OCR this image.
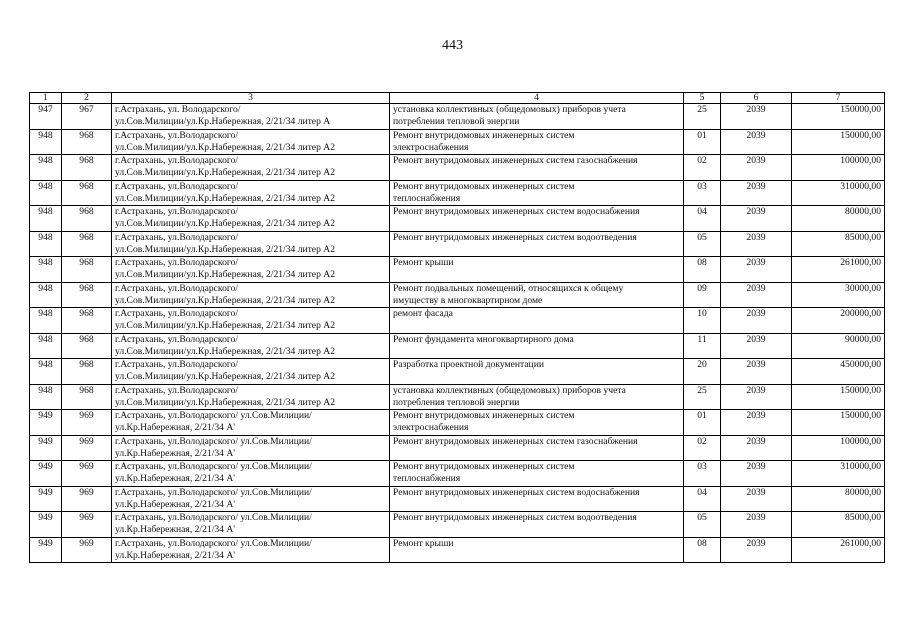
443
1	2	3	4	5	6	7
947	967	г.Астрахань, ул. Володарского/
ул.Сов.Милиции/ул.Кр.Набережная, 2/21/34 литер А	установка коллективных (общедомовых) приборов учета
потребления тепловой энергии	25	2039	150000,00
948	968	г.Астрахань, ул.Володарского/
ул.Сов.Милиции/ул.Кр.Набережная, 2/21/34 литер А2	Ремонт внутридомовых инженерных систем
электроснабжения	01	2039	150000,00
948	968	г.Астрахань, ул.Володарского/
ул.Сов.Милиции/ул.Кр.Набережная, 2/21/34 литер А2	Ремонт внутридомовых инженерных систем газоснабжения	02	2039	100000,00
948	968	г.Астрахань, ул.Володарского/
ул.Сов.Милиции/ул.Кр.Набережная, 2/21/34 литер А2	Ремонт внутридомовых инженерных систем
теплоснабжения	03	2039	310000,00
948	968	г.Астрахань, ул.Володарского/
ул.Сов.Милиции/ул.Кр.Набережная, 2/21/34 литер А2	Ремонт внутридомовых инженерных систем водоснабжения	04	2039	80000,00
948	968	г.Астрахань, ул.Володарского/
ул.Сов.Милиции/ул.Кр.Набережная, 2/21/34 литер А2	Ремонт внутридомовых инженерных систем водоотведения	05	2039	85000,00
948	968	г.Астрахань, ул.Володарского/
ул.Сов.Милиции/ул.Кр.Набережная, 2/21/34 литер А2	Ремонт крыши	08	2039	261000,00
948	968	г.Астрахань, ул.Володарского/
ул.Сов.Милиции/ул.Кр.Набережная, 2/21/34 литер А2	Ремонт подвальных помещений, относящихся к общему
имуществу в многоквартирном доме	09	2039	30000,00
948	968	г.Астрахань, ул.Володарского/
ул.Сов.Милиции/ул.Кр.Набережная, 2/21/34 литер А2	ремонт фасада	10	2039	200000,00
948	968	г.Астрахань, ул.Володарского/
ул.Сов.Милиции/ул.Кр.Набережная, 2/21/34 литер А2	Ремонт фундамента многоквартирного дома	11	2039	90000,00
948	968	г.Астрахань, ул.Володарского/
ул.Сов.Милиции/ул.Кр.Набережная, 2/21/34 литер А2	Разработка проектной документации	20	2039	450000,00
948	968	г.Астрахань, ул.Володарского/
ул.Сов.Милиции/ул.Кр.Набережная, 2/21/34 литер А2	установка коллективных (общедомовых) приборов учета
потребления тепловой энергии	25	2039	150000,00
949	969	г.Астрахань, ул.Володарского/ ул.Сов.Милиции/
ул.Кр.Набережная, 2/21/34 А'	Ремонт внутридомовых инженерных систем
электроснабжения	01	2039	150000,00
949	969	г.Астрахань, ул.Володарского/ ул.Сов.Милиции/
ул.Кр.Набережная, 2/21/34 А'	Ремонт внутридомовых инженерных систем газоснабжения	02	2039	100000,00
949	969	г.Астрахань, ул.Володарского/ ул.Сов.Милиции/
ул.Кр.Набережная, 2/21/34 А'	Ремонт внутридомовых инженерных систем
теплоснабжения	03	2039	310000,00
949	969	г.Астрахань, ул.Володарского/ ул.Сов.Милиции/
ул.Кр.Набережная, 2/21/34 А'	Ремонт внутридомовых инженерных систем водоснабжения	04	2039	80000,00
949	969	г.Астрахань, ул.Володарского/ ул.Сов.Милиции/
ул.Кр.Набережная, 2/21/34 А'	Ремонт внутридомовых инженерных систем водоотведения	05	2039	85000,00
949	969	г.Астрахань, ул.Володарского/ ул.Сов.Милиции/
ул.Кр.Набережная, 2/21/34 А'	Ремонт крыши	08	2039	261000,00
